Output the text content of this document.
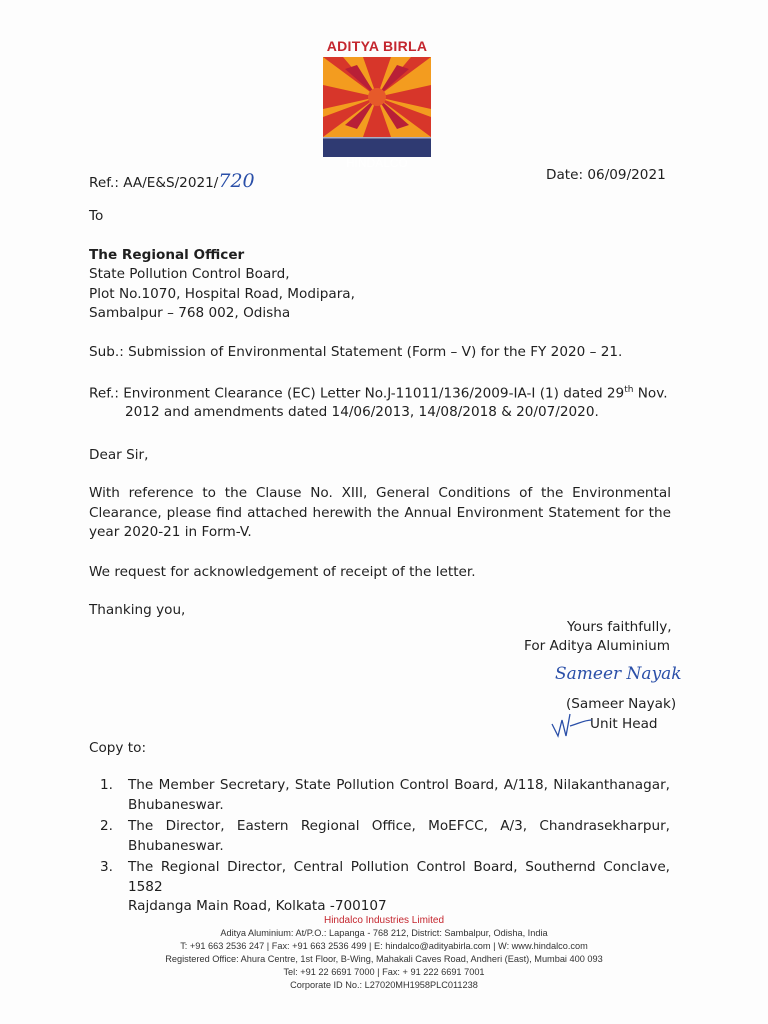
ADITYA BIRLA
HINDALCO
Ref.: AA/E&S/2021/720	Date: 06/09/2021
To
The Regional Officer
State Pollution Control Board,
Plot No.1070, Hospital Road, Modipara,
Sambalpur – 768 002, Odisha
Sub.: Submission of Environmental Statement (Form – V) for the FY 2020 – 21.
Ref.: Environment Clearance (EC) Letter No.J-11011/136/2009-IA-I (1) dated 29th Nov.
2012 and amendments dated 14/06/2013, 14/08/2018 & 20/07/2020.
Dear Sir,
With reference to the Clause No. XIII, General Conditions of the Environmental
Clearance, please find attached herewith the Annual Environment Statement for the
year 2020-21 in Form-V.
We request for acknowledgement of receipt of the letter.
Thanking you,
Yours faithfully,
For Aditya Aluminium
Sameer Nayak
(Sameer Nayak)
Unit Head
Copy to:
1. The Member Secretary, State Pollution Control Board, A/118, Nilakanthanagar,
Bhubaneswar.
2. The Director, Eastern Regional Office, MoEFCC, A/3, Chandrasekharpur,
Bhubaneswar.
3. The Regional Director, Central Pollution Control Board, Southernd Conclave, 1582
Rajdanga Main Road, Kolkata -700107
Hindalco Industries Limited
Aditya Aluminium: At/P.O.: Lapanga - 768 212, District: Sambalpur, Odisha, India
T: +91 663 2536 247 | Fax: +91 663 2536 499 | E: hindalco@adityabirla.com | W: www.hindalco.com
Registered Office: Ahura Centre, 1st Floor, B-Wing, Mahakali Caves Road, Andheri (East), Mumbai 400 093
Tel: +91 22 6691 7000 | Fax: + 91 222 6691 7001
Corporate ID No.: L27020MH1958PLC011238
